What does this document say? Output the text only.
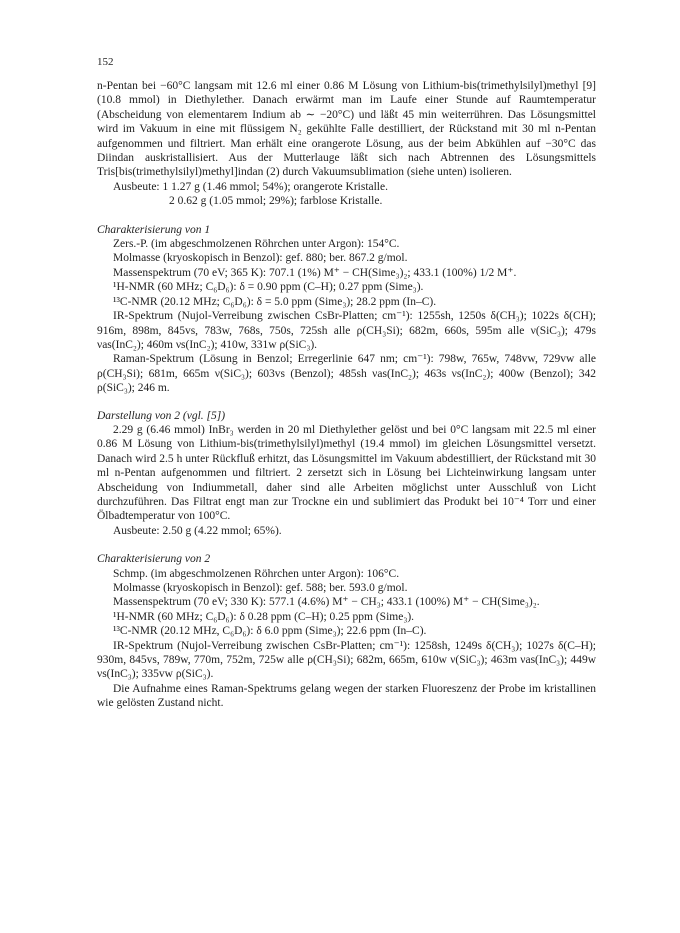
152

n-Pentan bei −60°C langsam mit 12.6 ml einer 0.86 M Lösung von Lithium-bis(trimethylsilyl)methyl [9] (10.8 mmol) in Diethylether. Danach erwärmt man im Laufe einer Stunde auf Raumtemperatur (Abscheidung von elementarem Indium ab ∼ −20°C) und läßt 45 min weiterrühren. Das Lösungsmittel wird im Vakuum in eine mit flüssigem N₂ gekühlte Falle destilliert, der Rückstand mit 30 ml n-Pentan aufgenommen und filtriert. Man erhält eine orangerote Lösung, aus der beim Abkühlen auf −30°C das Diindan auskristallisiert. Aus der Mutterlauge läßt sich nach Abtrennen des Lösungsmittels Tris[bis(trimethylsilyl)methyl]indan (2) durch Vakuumsublimation (siehe unten) isolieren.

Ausbeute: 1 1.27 g (1.46 mmol; 54%); orangerote Kristalle.

2 0.62 g (1.05 mmol; 29%); farblose Kristalle.

Charakterisierung von 1

Zers.-P. (im abgeschmolzenen Röhrchen unter Argon): 154°C.

Molmasse (kryoskopisch in Benzol): gef. 880; ber. 867.2 g/mol.

Massenspektrum (70 eV; 365 K): 707.1 (1%) M⁺ − CH(Sime₃)₂; 433.1 (100%) 1/2 M⁺.

¹H-NMR (60 MHz; C₆D₆): δ = 0.90 ppm (C–H); 0.27 ppm (Sime₃).

¹³C-NMR (20.12 MHz; C₆D₆): δ = 5.0 ppm (Sime₃); 28.2 ppm (In–C).

IR-Spektrum (Nujol-Verreibung zwischen CsBr-Platten; cm⁻¹): 1255sh, 1250s δ(CH₃); 1022s δ(CH); 916m, 898m, 845vs, 783w, 768s, 750s, 725sh alle ρ(CH₃Si); 682m, 660s, 595m alle ν(SiC₃); 479s νas(InC₂); 460m νs(InC₂); 410w, 331w ρ(SiC₃).

Raman-Spektrum (Lösung in Benzol; Erregerlinie 647 nm; cm⁻¹): 798w, 765w, 748vw, 729vw alle ρ(CH₃Si); 681m, 665m ν(SiC₃); 603vs (Benzol); 485sh νas(InC₂); 463s νs(InC₂); 400w (Benzol); 342 ρ(SiC₃); 246 m.

Darstellung von 2 (vgl. [5])

2.29 g (6.46 mmol) InBr₃ werden in 20 ml Diethylether gelöst und bei 0°C langsam mit 22.5 ml einer 0.86 M Lösung von Lithium-bis(trimethylsilyl)methyl (19.4 mmol) im gleichen Lösungsmittel versetzt. Danach wird 2.5 h unter Rückfluß erhitzt, das Lösungsmittel im Vakuum abdestilliert, der Rückstand mit 30 ml n-Pentan aufgenommen und filtriert. 2 zersetzt sich in Lösung bei Lichteinwirkung langsam unter Abscheidung von Indiummetall, daher sind alle Arbeiten möglichst unter Ausschluß von Licht durchzuführen. Das Filtrat engt man zur Trockne ein und sublimiert das Produkt bei 10⁻⁴ Torr und einer Ölbadtemperatur von 100°C.

Ausbeute: 2.50 g (4.22 mmol; 65%).

Charakterisierung von 2

Schmp. (im abgeschmolzenen Röhrchen unter Argon): 106°C.

Molmasse (kryoskopisch in Benzol): gef. 588; ber. 593.0 g/mol.

Massenspektrum (70 eV; 330 K): 577.1 (4.6%) M⁺ − CH₃; 433.1 (100%) M⁺ − CH(Sime₃)₂.

¹H-NMR (60 MHz; C₆D₆): δ 0.28 ppm (C–H); 0.25 ppm (Sime₃).

¹³C-NMR (20.12 MHz, C₆D₆): δ 6.0 ppm (Sime₃); 22.6 ppm (In–C).

IR-Spektrum (Nujol-Verreibung zwischen CsBr-Platten; cm⁻¹): 1258sh, 1249s δ(CH₃); 1027s δ(C–H); 930m, 845vs, 789w, 770m, 752m, 725w alle ρ(CH₃Si); 682m, 665m, 610w ν(SiC₃); 463m νas(InC₃); 449w νs(InC₃); 335vw ρ(SiC₃).

Die Aufnahme eines Raman-Spektrums gelang wegen der starken Fluoreszenz der Probe im kristallinen wie gelösten Zustand nicht.
